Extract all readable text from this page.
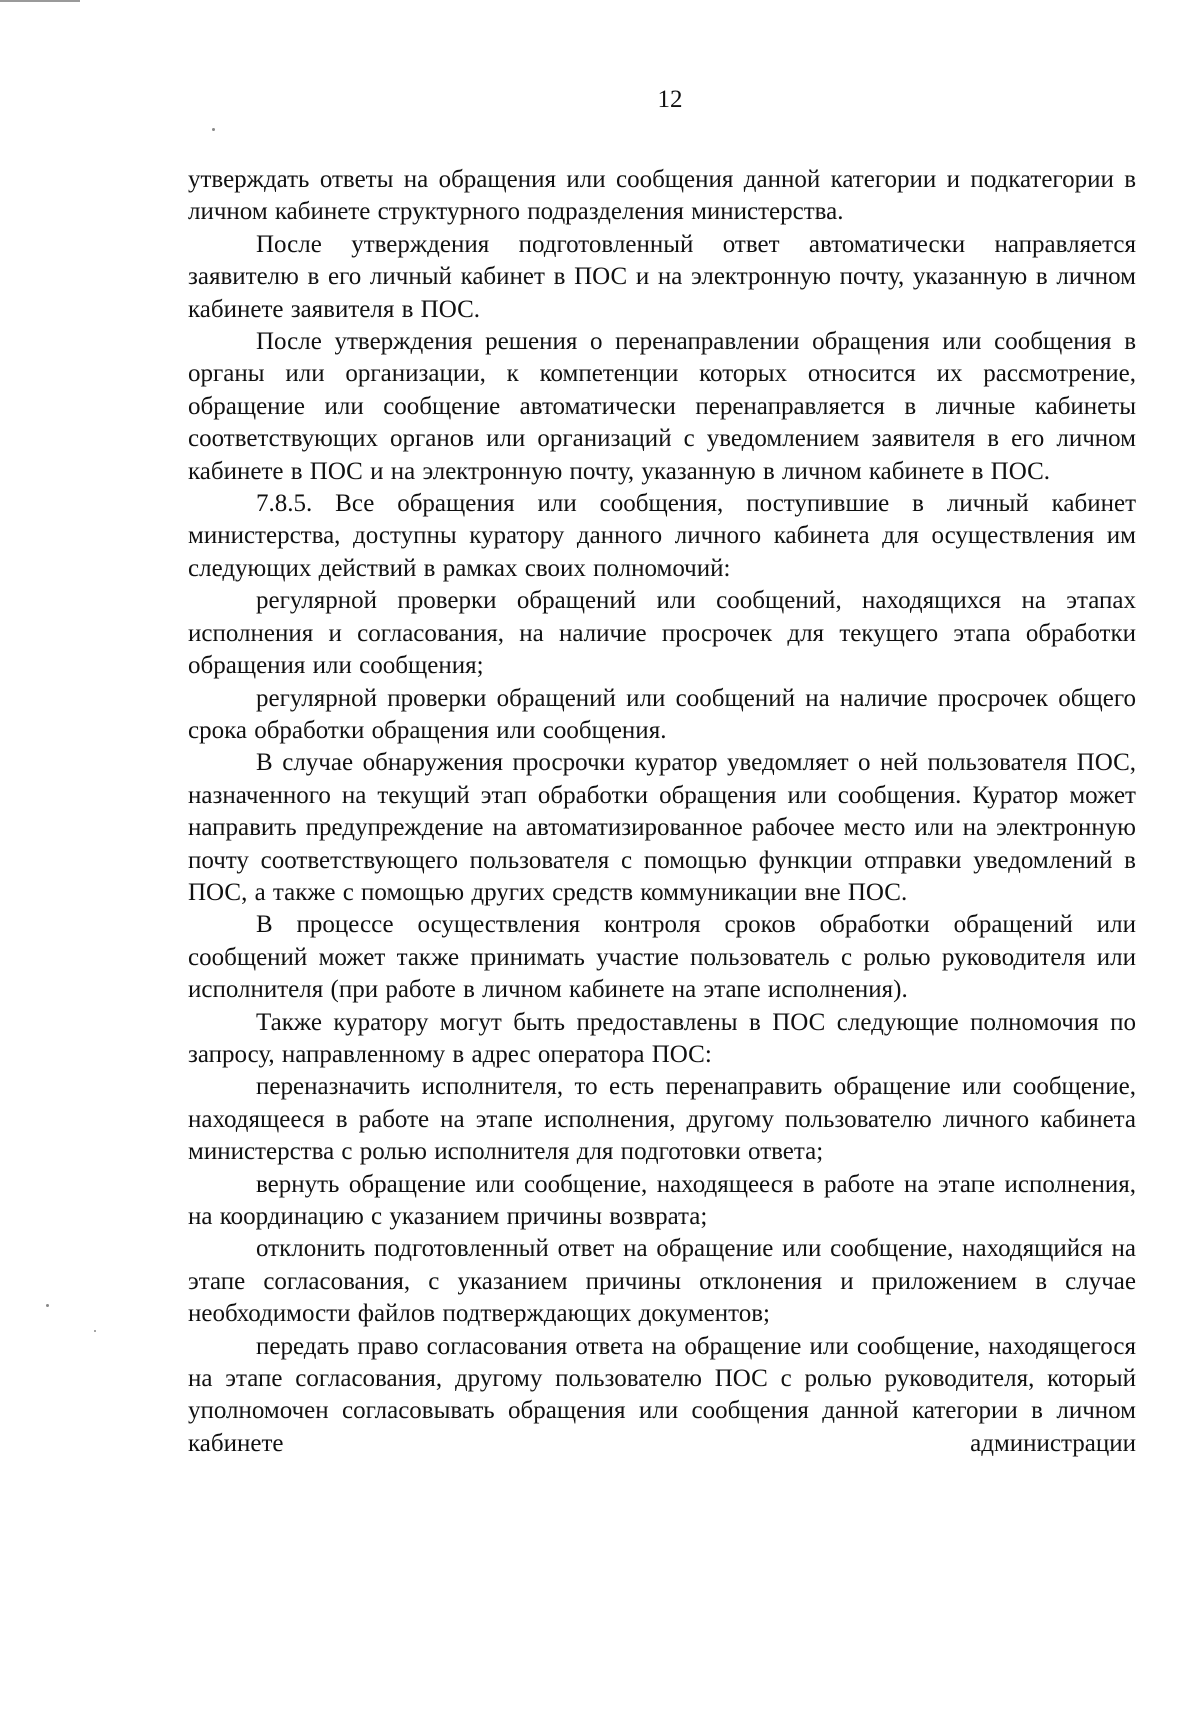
12

утверждать ответы на обращения или сообщения данной категории и подкатегории в личном кабинете структурного подразделения министерства.

После утверждения подготовленный ответ автоматически направляется заявителю в его личный кабинет в ПОС и на электронную почту, указанную в личном кабинете заявителя в ПОС.

После утверждения решения о перенаправлении обращения или сообщения в органы или организации, к компетенции которых относится их рассмотрение, обращение или сообщение автоматически перенаправляется в личные кабинеты соответствующих органов или организаций с уведомлением заявителя в его личном кабинете в ПОС и на электронную почту, указанную в личном кабинете в ПОС.

7.8.5. Все обращения или сообщения, поступившие в личный кабинет министерства, доступны куратору данного личного кабинета для осуществления им следующих действий в рамках своих полномочий:

регулярной проверки обращений или сообщений, находящихся на этапах исполнения и согласования, на наличие просрочек для текущего этапа обработки обращения или сообщения;

регулярной проверки обращений или сообщений на наличие просрочек общего срока обработки обращения или сообщения.

В случае обнаружения просрочки куратор уведомляет о ней пользователя ПОС, назначенного на текущий этап обработки обращения или сообщения. Куратор может направить предупреждение на автоматизированное рабочее место или на электронную почту соответствующего пользователя с помощью функции отправки уведомлений в ПОС, а также с помощью других средств коммуникации вне ПОС.

В процессе осуществления контроля сроков обработки обращений или сообщений может также принимать участие пользователь с ролью руководителя или исполнителя (при работе в личном кабинете на этапе исполнения).

Также куратору могут быть предоставлены в ПОС следующие полномочия по запросу, направленному в адрес оператора ПОС:

переназначить исполнителя, то есть перенаправить обращение или сообщение, находящееся в работе на этапе исполнения, другому пользователю личного кабинета министерства с ролью исполнителя для подготовки ответа;

вернуть обращение или сообщение, находящееся в работе на этапе исполнения, на координацию с указанием причины возврата;

отклонить подготовленный ответ на обращение или сообщение, находящийся на этапе согласования, с указанием причины отклонения и приложением в случае необходимости файлов подтверждающих документов;

передать право согласования ответа на обращение или сообщение, находящегося на этапе согласования, другому пользователю ПОС с ролью руководителя, который уполномочен согласовывать обращения или сообщения данной категории в личном кабинете администрации
